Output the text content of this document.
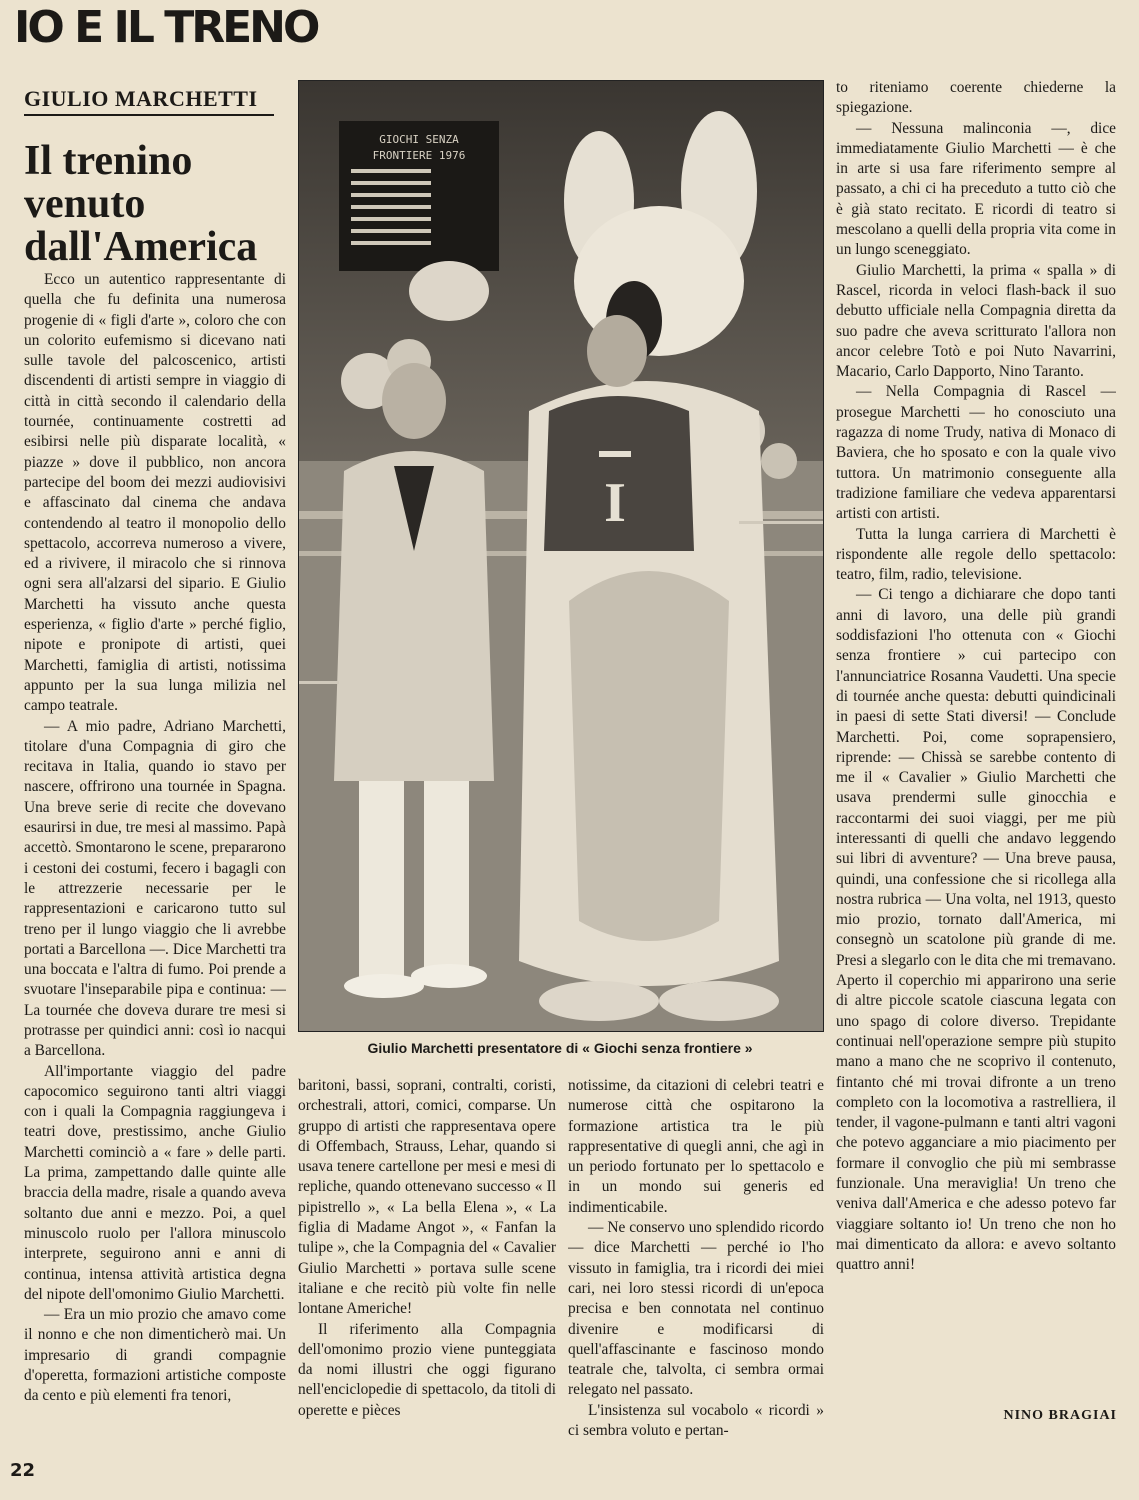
IO E IL TRENO
GIULIO MARCHETTI
Il trenino venuto dall'America

Ecco un autentico rappresentante di quella che fu definita una numerosa progenie di « figli d'arte », coloro che con un colorito eufemismo si dicevano nati sulle tavole del palcoscenico, artisti discendenti di artisti sempre in viaggio di città in città secondo il calendario della tournée, continuamente costretti ad esibirsi nelle più disparate località, « piazze » dove il pubblico, non ancora partecipe del boom dei mezzi audiovisivi e affascinato dal cinema che andava contendendo al teatro il monopolio dello spettacolo, accorreva numeroso a vivere, ed a rivivere, il miracolo che si rinnova ogni sera all'alzarsi del sipario. E Giulio Marchetti ha vissuto anche questa esperienza, « figlio d'arte » perché figlio, nipote e pronipote di artisti, quei Marchetti, famiglia di artisti, notissima appunto per la sua lunga milizia nel campo teatrale.

— A mio padre, Adriano Marchetti, titolare d'una Compagnia di giro che recitava in Italia, quando io stavo per nascere, offrirono una tournée in Spagna. Una breve serie di recite che dovevano esaurirsi in due, tre mesi al massimo. Papà accettò. Smontarono le scene, prepararono i cestoni dei costumi, fecero i bagagli con le attrezzerie necessarie per le rappresentazioni e caricarono tutto sul treno per il lungo viaggio che li avrebbe portati a Barcellona —. Dice Marchetti tra una boccata e l'altra di fumo. Poi prende a svuotare l'inseparabile pipa e continua: — La tournée che doveva durare tre mesi si protrasse per quindici anni: così io nacqui a Barcellona.

All'importante viaggio del padre capocomico seguirono tanti altri viaggi con i quali la Compagnia raggiungeva i teatri dove, prestissimo, anche Giulio Marchetti cominciò a « fare » delle parti. La prima, zampettando dalle quinte alle braccia della madre, risale a quando aveva soltanto due anni e mezzo. Poi, a quel minuscolo ruolo per l'allora minuscolo interprete, seguirono anni e anni di continua, intensa attività artistica degna del nipote dell'omonimo Giulio Marchetti.

— Era un mio prozio che amavo come il nonno e che non dimenticherò mai. Un impresario di grandi compagnie d'operetta, formazioni artistiche composte da cento e più elementi fra tenori,

GIOCHI SENZA
FRONTIERE 1976
I
Giulio Marchetti presentatore di « Giochi senza frontiere »

baritoni, bassi, soprani, contralti, coristi, orchestrali, attori, comici, comparse. Un gruppo di artisti che rappresentava opere di Offembach, Strauss, Lehar, quando si usava tenere cartellone per mesi e mesi di repliche, quando ottenevano successo « Il pipistrello », « La bella Elena », « La figlia di Madame Angot », « Fanfan la tulipe », che la Compagnia del « Cavalier Giulio Marchetti » portava sulle scene italiane e che recitò più volte fin nelle lontane Americhe!

Il riferimento alla Compagnia dell'omonimo prozio viene punteggiata da nomi illustri che oggi figurano nell'enciclopedie di spettacolo, da titoli di operette e pièces

notissime, da citazioni di celebri teatri e numerose città che ospitarono la formazione artistica tra le più rappresentative di quegli anni, che agì in un periodo fortunato per lo spettacolo e in un mondo sui generis ed indimenticabile.

— Ne conservo uno splendido ricordo — dice Marchetti — perché io l'ho vissuto in famiglia, tra i ricordi dei miei cari, nei loro stessi ricordi di un'epoca precisa e ben connotata nel continuo divenire e modificarsi di quell'affascinante e fascinoso mondo teatrale che, talvolta, ci sembra ormai relegato nel passato.

L'insistenza sul vocabolo « ricordi » ci sembra voluto e pertan-

to riteniamo coerente chiederne la spiegazione.

— Nessuna malinconia —, dice immediatamente Giulio Marchetti — è che in arte si usa fare riferimento sempre al passato, a chi ci ha preceduto a tutto ciò che è già stato recitato. E ricordi di teatro si mescolano a quelli della propria vita come in un lungo sceneggiato.

Giulio Marchetti, la prima « spalla » di Rascel, ricorda in veloci flash-back il suo debutto ufficiale nella Compagnia diretta da suo padre che aveva scritturato l'allora non ancor celebre Totò e poi Nuto Navarrini, Macario, Carlo Dapporto, Nino Taranto.

— Nella Compagnia di Rascel — prosegue Marchetti — ho conosciuto una ragazza di nome Trudy, nativa di Monaco di Baviera, che ho sposato e con la quale vivo tuttora. Un matrimonio conseguente alla tradizione familiare che vedeva apparentarsi artisti con artisti.

Tutta la lunga carriera di Marchetti è rispondente alle regole dello spettacolo: teatro, film, radio, televisione.

— Ci tengo a dichiarare che dopo tanti anni di lavoro, una delle più grandi soddisfazioni l'ho ottenuta con « Giochi senza frontiere » cui partecipo con l'annunciatrice Rosanna Vaudetti. Una specie di tournée anche questa: debutti quindicinali in paesi di sette Stati diversi! — Conclude Marchetti. Poi, come soprapensiero, riprende: — Chissà se sarebbe contento di me il « Cavalier » Giulio Marchetti che usava prendermi sulle ginocchia e raccontarmi dei suoi viaggi, per me più interessanti di quelli che andavo leggendo sui libri di avventure? — Una breve pausa, quindi, una confessione che si ricollega alla nostra rubrica — Una volta, nel 1913, questo mio prozio, tornato dall'America, mi consegnò un scatolone più grande di me. Presi a slegarlo con le dita che mi tremavano. Aperto il coperchio mi apparirono una serie di altre piccole scatole ciascuna legata con uno spago di colore diverso. Trepidante continuai nell'operazione sempre più stupito mano a mano che ne scoprivo il contenuto, fintanto ché mi trovai difronte a un treno completo con la locomotiva a rastrelliera, il tender, il vagone-pulmann e tanti altri vagoni che potevo agganciare a mio piacimento per formare il convoglio che più mi sembrasse funzionale. Una meraviglia! Un treno che veniva dall'America e che adesso potevo far viaggiare soltanto io! Un treno che non ho mai dimenticato da allora: e avevo soltanto quattro anni!

NINO BRAGIAI
22
